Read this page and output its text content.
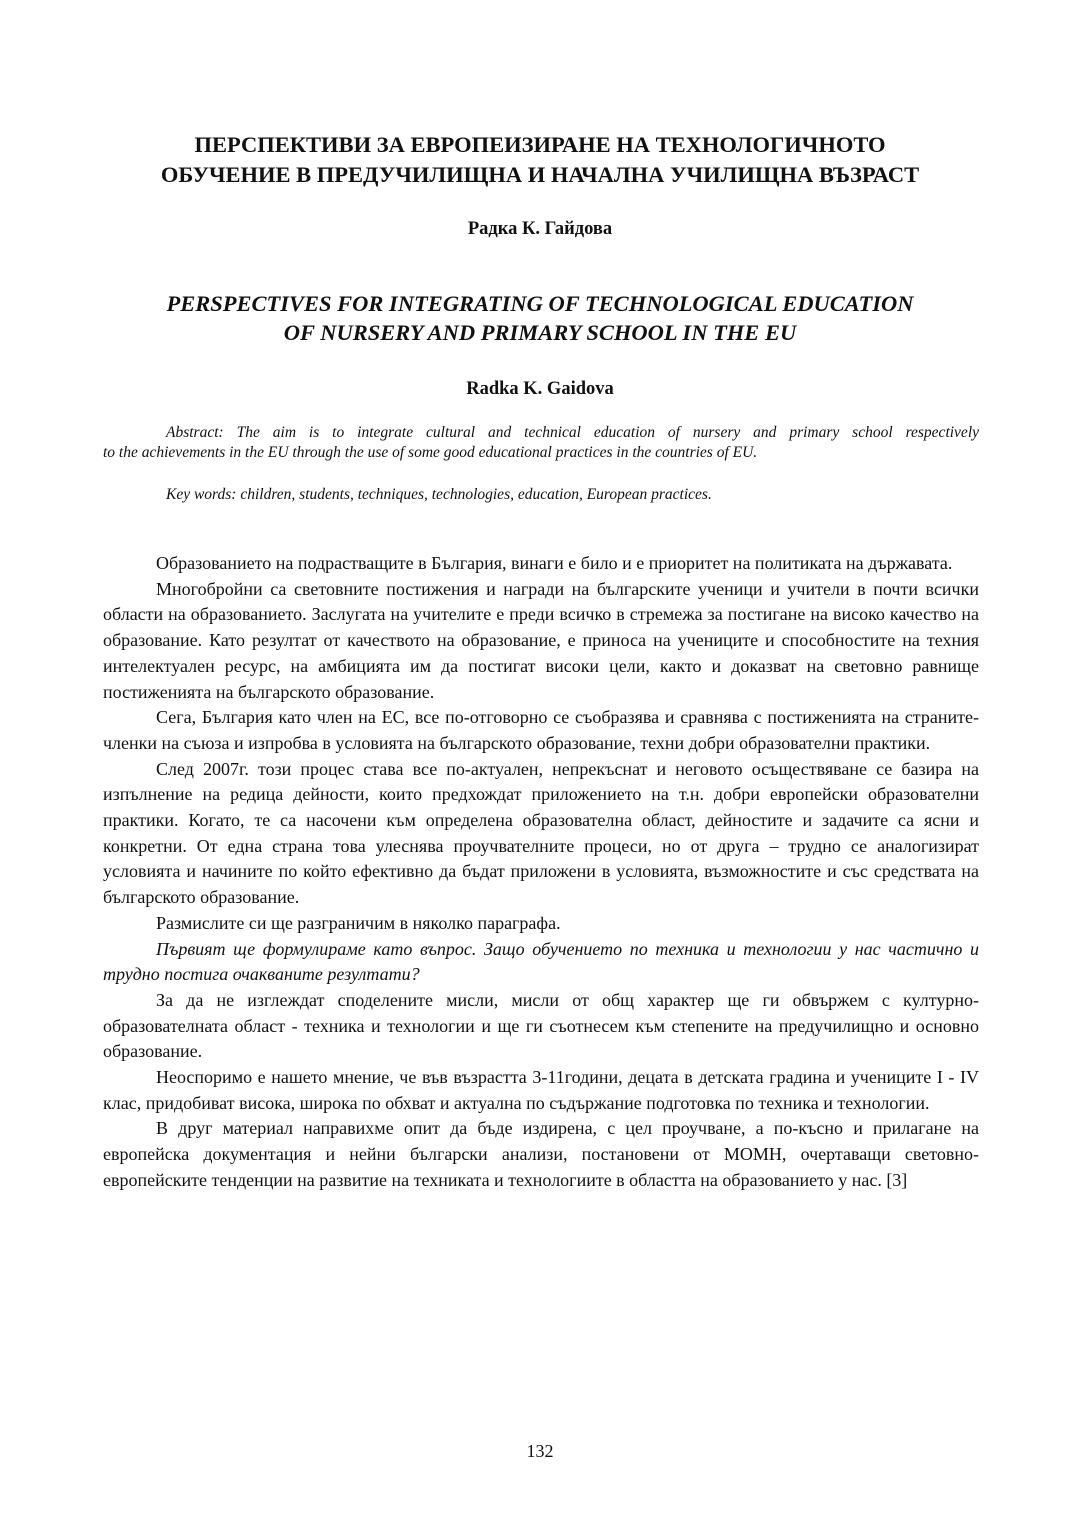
ПЕРСПЕКТИВИ ЗА ЕВРОПЕИЗИРАНЕ НА ТЕХНОЛОГИЧНОТО
ОБУЧЕНИЕ В ПРЕДУЧИЛИЩНА И НАЧАЛНА УЧИЛИЩНА ВЪЗРАСТ
Радка К. Гайдова
PERSPECTIVES FOR INTEGRATING OF TECHNOLOGICAL EDUCATION
OF NURSERY AND PRIMARY SCHOOL IN THE EU
Radka K. Gaidova
Abstract: The aim is to integrate cultural and technical education of nursery and primary school respectively
to the achievements in the EU through the use of some good educational practices in the countries of EU.
Key words: children, students, techniques, technologies, education, European practices.

Образованието на подрастващите в България, винаги е било и е приоритет на политиката на държавата.

Многобройни са световните постижения и награди на българските ученици и учители в почти всички области на образованието. Заслугата на учителите е преди всичко в стремежа за постигане на високо качество на образование. Като резултат от качеството на образование, е приноса на учениците и способностите на техния интелектуален ресурс, на амбицията им да постигат високи цели, както и доказват на световно равнище постиженията на българското образование.

Сега, България като член на ЕС, все по-отговорно се съобразява и сравнява с постиженията на страните-членки на съюза и изпробва в условията на българското образование, техни добри образователни практики.

След 2007г. този процес става все по-актуален, непрекъснат и неговото осъществяване се базира на изпълнение на редица дейности, които предхождат приложението на т.н. добри европейски образователни практики. Когато, те са насочени към определена образователна област, дейностите и задачите са ясни и конкретни. От една страна това улеснява проучвателните процеси, но от друга – трудно се аналогизират условията и начините по който ефективно да бъдат приложени в условията, възможностите и със средствата на българското образование.

Размислите си ще разграничим в няколко параграфа.

Първият ще формулираме като въпрос. Защо обучението по техника и технологии у нас частично и трудно постига очакваните резултати?

За да не изглеждат споделените мисли, мисли от общ характер ще ги обвържем с културно-образователната област - техника и технологии и ще ги съотнесем към степените на предучилищно и основно образование.

Неоспоримо е нашето мнение, че във възрастта 3-11години, децата в детската градина и учениците I - IV клас, придобиват висока, широка по обхват и актуална по съдържание подготовка по техника и технологии.

В друг материал направихме опит да бъде издирена, с цел проучване, а по-късно и прилагане на европейска документация и нейни български анализи, постановени от МОМН, очертаващи световно-европейските тенденции на развитие на техниката и технологиите в областта на образованието у нас. [3]

132
